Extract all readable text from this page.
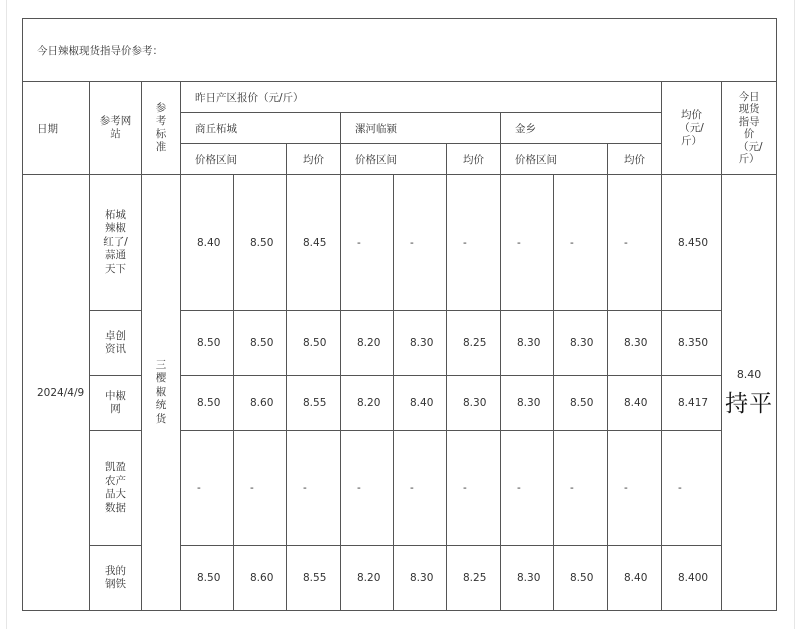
今日辣椒现货指导价参考：													
日期	参考网站	参考标准	昨日产区报价（元/斤）									均价（元/斤）	今日现货指导价（元/斤）
			商丘柘城			漯河临颍			金乡				
			价格区间		均价	价格区间		均价	价格区间		均价		
2024/4/9	柘城辣椒红了/蒜通天下	三樱椒统货	8.40	8.50	8.45	-	-	-	-	-	-	8.450	8.40
持平

	卓创资讯		8.50	8.50	8.50	8.20	8.30	8.25	8.30	8.30	8.30	8.350	
	中椒网		8.50	8.60	8.55	8.20	8.40	8.30	8.30	8.50	8.40	8.417	
	凯盈农产品大数据		-	-	-	-	-	-	-	-	-	-	
	我的钢铁		8.50	8.60	8.55	8.20	8.30	8.25	8.30	8.50	8.40	8.400	
